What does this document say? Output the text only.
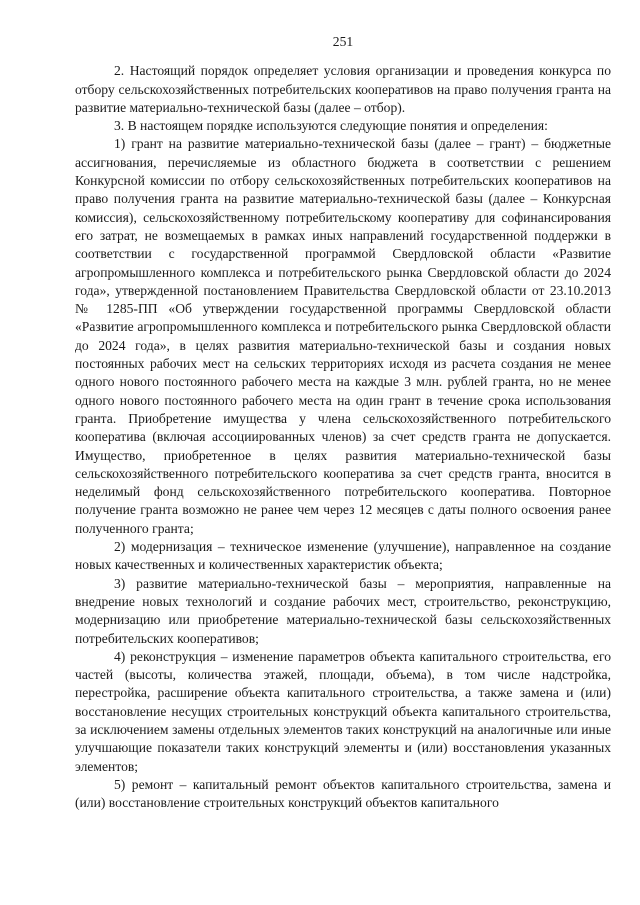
251

2. Настоящий порядок определяет условия организации и проведения конкурса по отбору сельскохозяйственных потребительских кооперативов на право получения гранта на развитие материально-технической базы (далее – отбор).

3. В настоящем порядке используются следующие понятия и определения:

1) грант на развитие материально-технической базы (далее – грант) – бюджетные ассигнования, перечисляемые из областного бюджета в соответствии с решением Конкурсной комиссии по отбору сельскохозяйственных потребительских кооперативов на право получения гранта на развитие материально-технической базы (далее – Конкурсная комиссия), сельскохозяйственному потребительскому кооперативу для софинансирования его затрат, не возмещаемых в рамках иных направлений государственной поддержки в соответствии с государственной программой Свердловской области «Развитие агропромышленного комплекса и потребительского рынка Свердловской области до 2024 года», утвержденной постановлением Правительства Свердловской области от 23.10.2013 № 1285-ПП «Об утверждении государственной программы Свердловской области «Развитие агропромышленного комплекса и потребительского рынка Свердловской области до 2024 года», в целях развития материально-технической базы и создания новых постоянных рабочих мест на сельских территориях исходя из расчета создания не менее одного нового постоянного рабочего места на каждые 3 млн. рублей гранта, но не менее одного нового постоянного рабочего места на один грант в течение срока использования гранта. Приобретение имущества у члена сельскохозяйственного потребительского кооператива (включая ассоциированных членов) за счет средств гранта не допускается. Имущество, приобретенное в целях развития материально-технической базы сельскохозяйственного потребительского кооператива за счет средств гранта, вносится в неделимый фонд сельскохозяйственного потребительского кооператива. Повторное получение гранта возможно не ранее чем через 12 месяцев с даты полного освоения ранее полученного гранта;

2) модернизация – техническое изменение (улучшение), направленное на создание новых качественных и количественных характеристик объекта;

3) развитие материально-технической базы – мероприятия, направленные на внедрение новых технологий и создание рабочих мест, строительство, реконструкцию, модернизацию или приобретение материально-технической базы сельскохозяйственных потребительских кооперативов;

4) реконструкция – изменение параметров объекта капитального строительства, его частей (высоты, количества этажей, площади, объема), в том числе надстройка, перестройка, расширение объекта капитального строительства, а также замена и (или) восстановление несущих строительных конструкций объекта капитального строительства, за исключением замены отдельных элементов таких конструкций на аналогичные или иные улучшающие показатели таких конструкций элементы и (или) восстановления указанных элементов;

5) ремонт – капитальный ремонт объектов капитального строительства, замена и (или) восстановление строительных конструкций объектов капитального
